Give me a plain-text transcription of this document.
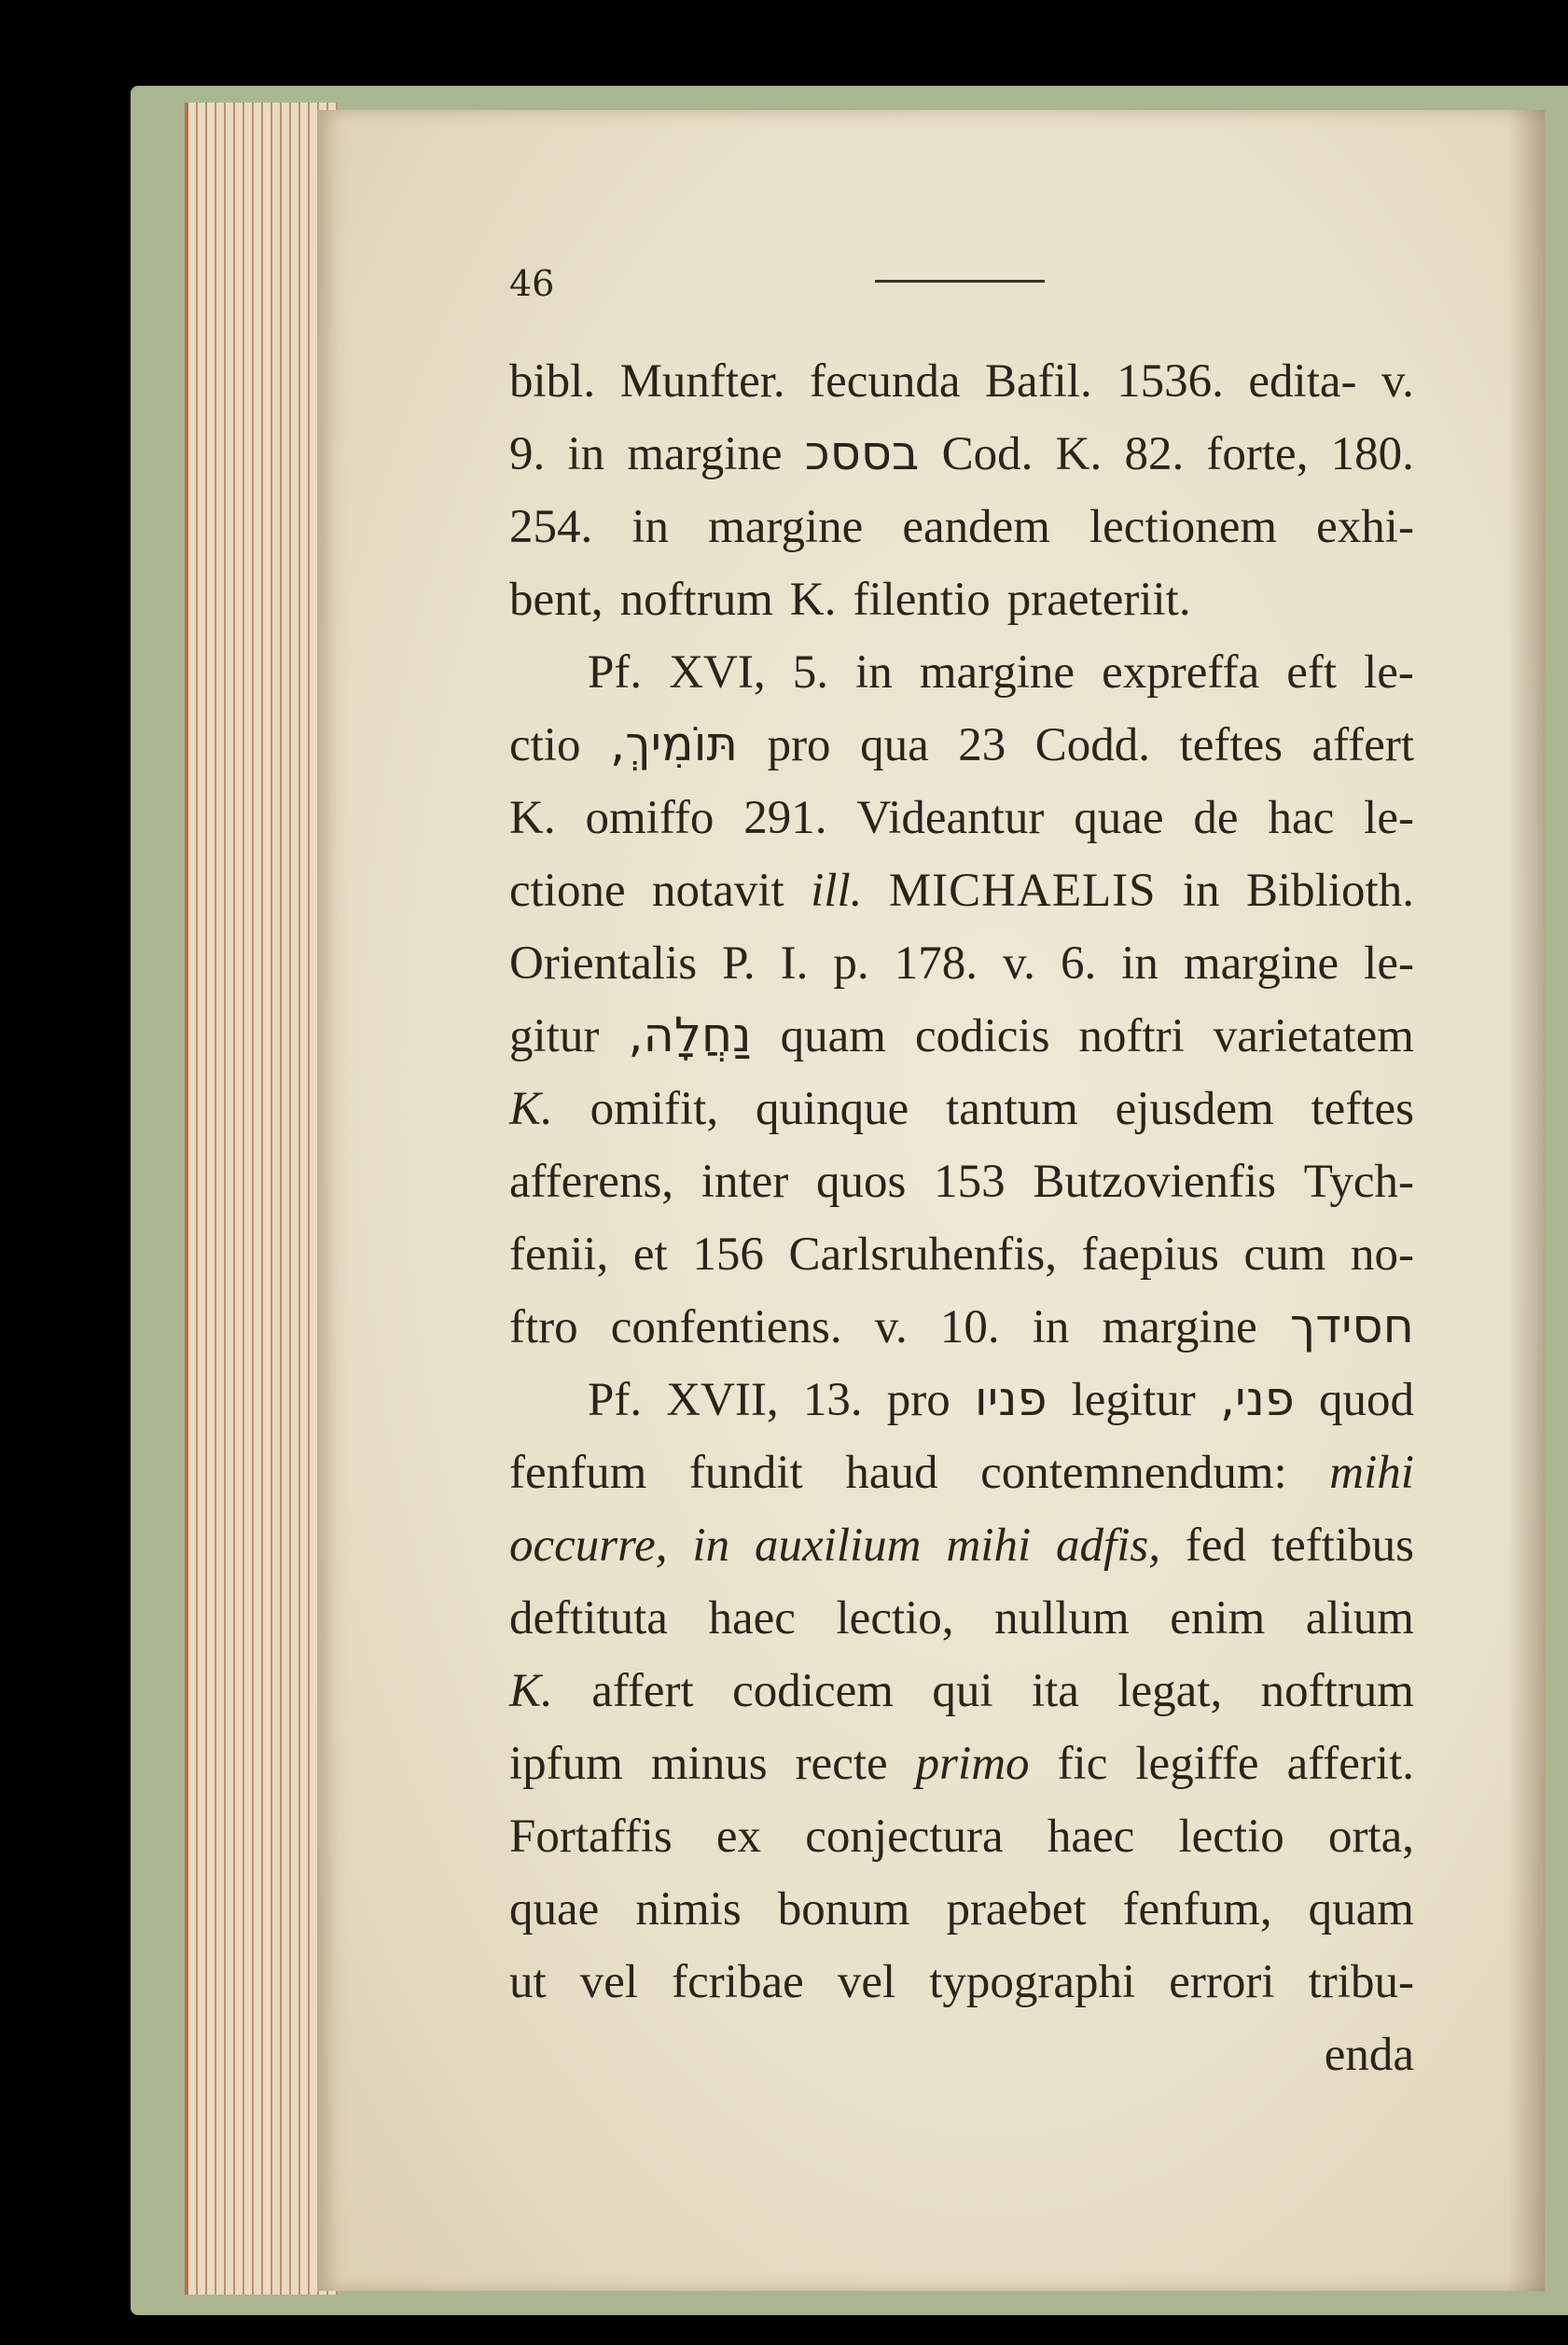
46
bibl. Munfter. fecunda Bafil. 1536. edita- v.
9. in margine בססכ Cod. K. 82. forte, 180.
254. in margine eandem lectionem exhi-
bent, noftrum K. filentio praeteriit.
Pf. XVI, 5. in margine expreffa eft le-
ctio תּוֹמִיךְ, pro qua 23 Codd. teftes affert
K. omiffo 291. Videantur quae de hac le-
ctione notavit ill. MICHAELIS in Biblioth.
Orientalis P. I. p. 178. v. 6. in margine le-
gitur נַחֲלָה, quam codicis noftri varietatem
K. omifit, quinque tantum ejusdem teftes
afferens, inter quos 153 Butzovienfis Tych-
fenii, et 156 Carlsruhenfis, faepius cum no-
ftro confentiens. v. 10. in margine חסידך
Pf. XVII, 13. pro פניו legitur פני, quod
fenfum fundit haud contemnendum: mihi
occurre, in auxilium mihi adfis, fed teftibus
deftituta haec lectio, nullum enim alium
K. affert codicem qui ita legat, noftrum
ipfum minus recte primo fic legiffe afferit.
Fortaffis ex conjectura haec lectio orta,
quae nimis bonum praebet fenfum, quam
ut vel fcribae vel typographi errori tribu-
enda
